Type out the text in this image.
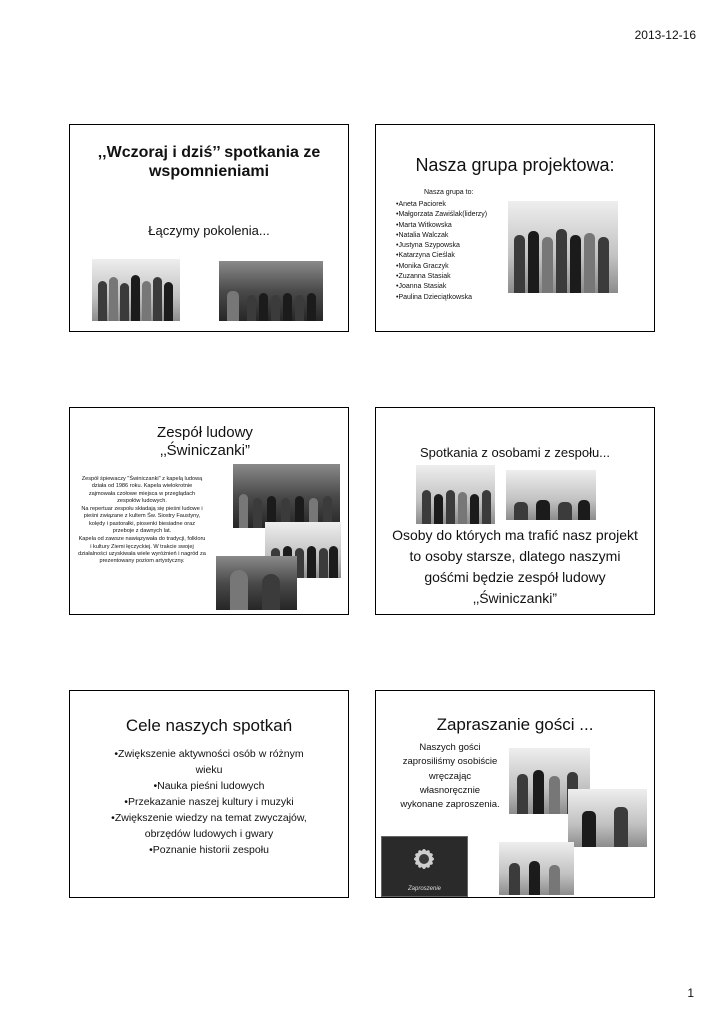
2013-12-16
‚‚Wczoraj i dziś’’ spotkania ze wspomnieniami
Łączymy pokolenia...
Nasza grupa projektowa:
Nasza grupa to:
•Aneta Paciorek
•Małgorzata Zawiślak(liderzy)
•Marta Witkowska
•Natalia Walczak
•Justyna Szypowska
•Katarzyna Cieślak
•Monika Graczyk
•Zuzanna Stasiak
•Joanna Stasiak
•Paulina Dzieciątkowska
Zespół ludowy
‚‚Świniczanki”

Zespół śpiewaczy "Świniczanki" z kapelą ludową działa od 1986 roku. Kapela wielokrotnie zajmowała czołowe miejsca w przeglądach zespołów ludowych.

Na repertuar zespołu składają się pieśni ludowe i pieśni związane z kultem Św. Siostry Faustyny, kolędy i pastorałki, piosenki biesiadne oraz przeboje z dawnych lat.

Kapela od zawsze nawiązywała do tradycji, folkloru i kultury Ziemi łęczyckiej. W trakcie swojej działalności uzyskiwała wiele wyróżnień i nagród za prezentowany poziom artystyczny.

Spotkania z osobami z zespołu...
Osoby do których ma trafić nasz projekt
to osoby starsze, dlatego naszymi
gośćmi będzie zespół ludowy
‚‚Świniczanki”
Cele naszych spotkań
•Zwiększenie aktywności osób w różnym wieku
•Nauka pieśni ludowych
•Przekazanie naszej kultury i muzyki
•Zwiększenie wiedzy na temat zwyczajów, obrzędów ludowych i gwary
•Poznanie historii zespołu
Zapraszanie gości ...
Naszych gości zaprosiliśmy osobiście wręczając własnoręcznie wykonane zaproszenia.
Zaproszenie
1
